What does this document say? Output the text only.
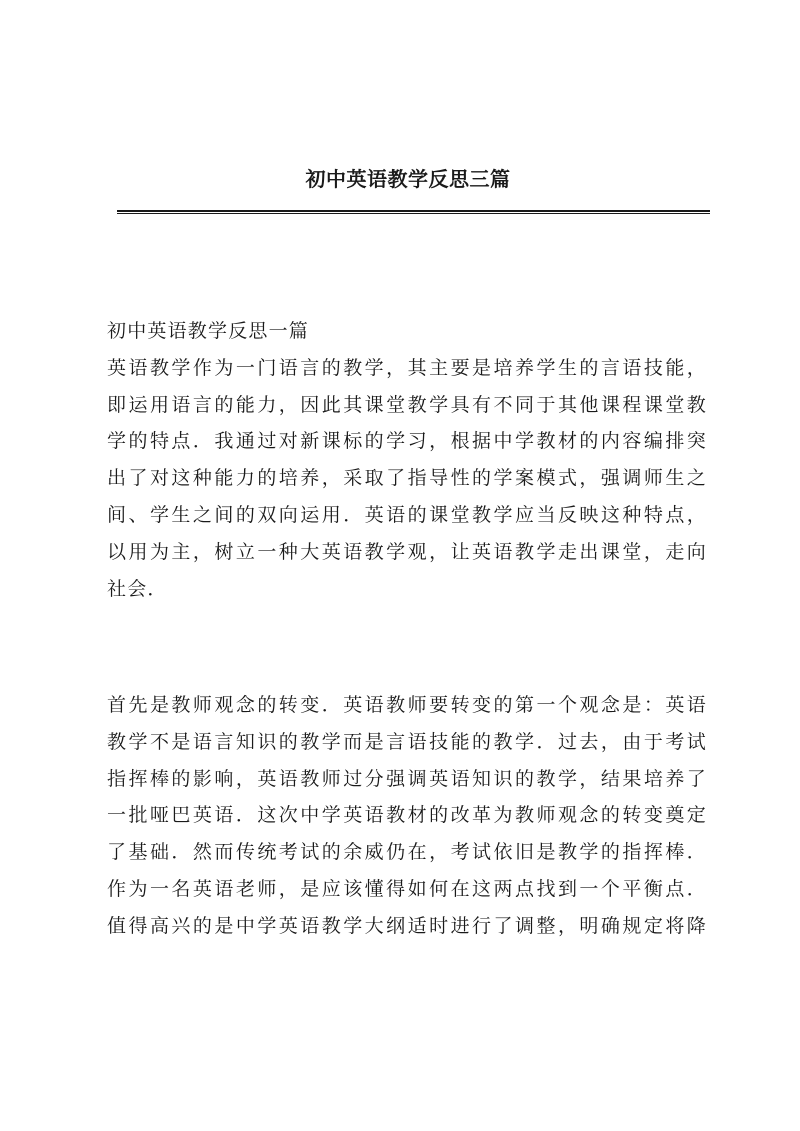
初中英语教学反思三篇
初中英语教学反思一篇
英语教学作为一门语言的教学，其主要是培养学生的言语技能，
即运用语言的能力，因此其课堂教学具有不同于其他课程课堂教
学的特点．我通过对新课标的学习，根据中学教材的内容编排突
出了对这种能力的培养，采取了指导性的学案模式，强调师生之
间、学生之间的双向运用．英语的课堂教学应当反映这种特点，
以用为主，树立一种大英语教学观，让英语教学走出课堂，走向
社会．
首先是教师观念的转变．英语教师要转变的第一个观念是：英语
教学不是语言知识的教学而是言语技能的教学．过去，由于考试
指挥棒的影响，英语教师过分强调英语知识的教学，结果培养了
一批哑巴英语．这次中学英语教材的改革为教师观念的转变奠定
了基础．然而传统考试的余威仍在，考试依旧是教学的指挥棒．
作为一名英语老师，是应该懂得如何在这两点找到一个平衡点．
值得高兴的是中学英语教学大纲适时进行了调整，明确规定将降
